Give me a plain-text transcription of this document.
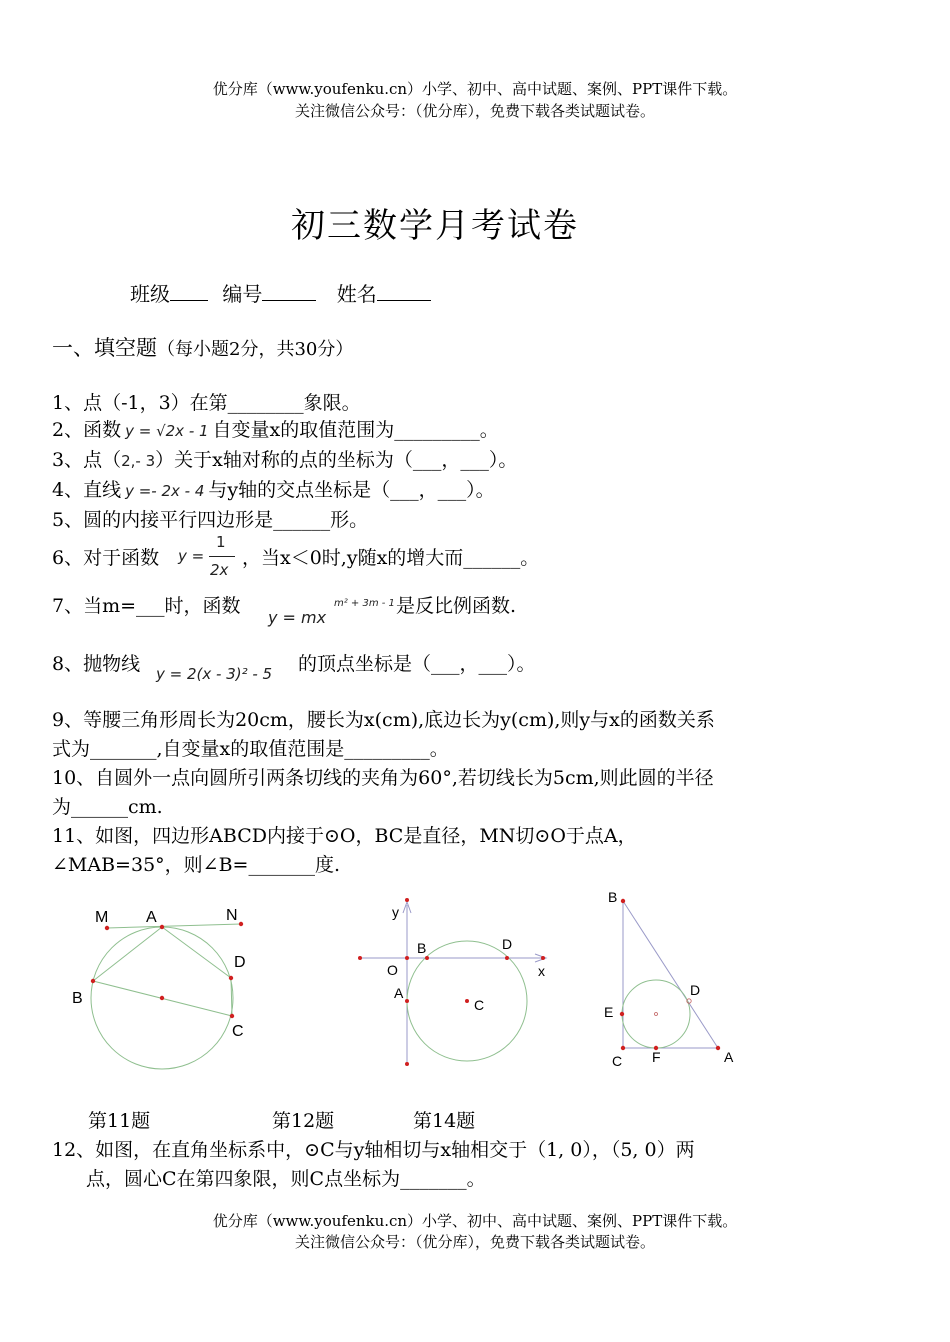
优分库（www.youfenku.cn）小学、初中、高中试题、案例、PPT课件下载。
关注微信公众号：（优分库），免费下载各类试题试卷。
初三数学月考试卷
班级	编号	姓名
一、填空题（每小题2分，共30分）
1、点（-1，3）在第________象限。
2、函数 y = √2x - 1 自变量x的取值范围为_________。
3、点（2,- 3）关于x轴对称的点的坐标为（___，___）。
4、直线 y =- 2x - 4 与y轴的交点坐标是（___，___）。
5、圆的内接平行四边形是______形。
6、对于函数 y =
1
2x
，当x＜0时,y随x的增大而______。
7、当m=___时，函数
y = mx
m² + 3m - 1 是反比例函数.
8、抛物线 y = 2(x - 3)² - 5 的顶点坐标是（___，___）。
9、等腰三角形周长为20cm，腰长为x(cm),底边长为y(cm),则y与x的函数关系
式为_______,自变量x的取值范围是_________。
10、自圆外一点向圆所引两条切线的夹角为60°,若切线长为5cm,则此圆的半径
为______cm.
11、如图，四边形ABCD内接于⊙O，BC是直径，MN切⊙O于点A，
∠MAB=35°，则∠B=_______度.
M A	N
D
B
C
y
O
B	D
x
A
C
B
D
E
C F	A
第11题	第12题	第14题
12、如图，在直角坐标系中，⊙C与y轴相切与x轴相交于（1, 0），（5, 0）两
点，圆心C在第四象限，则C点坐标为_______。
优分库（www.youfenku.cn）小学、初中、高中试题、案例、PPT课件下载。
关注微信公众号：（优分库），免费下载各类试题试卷。
